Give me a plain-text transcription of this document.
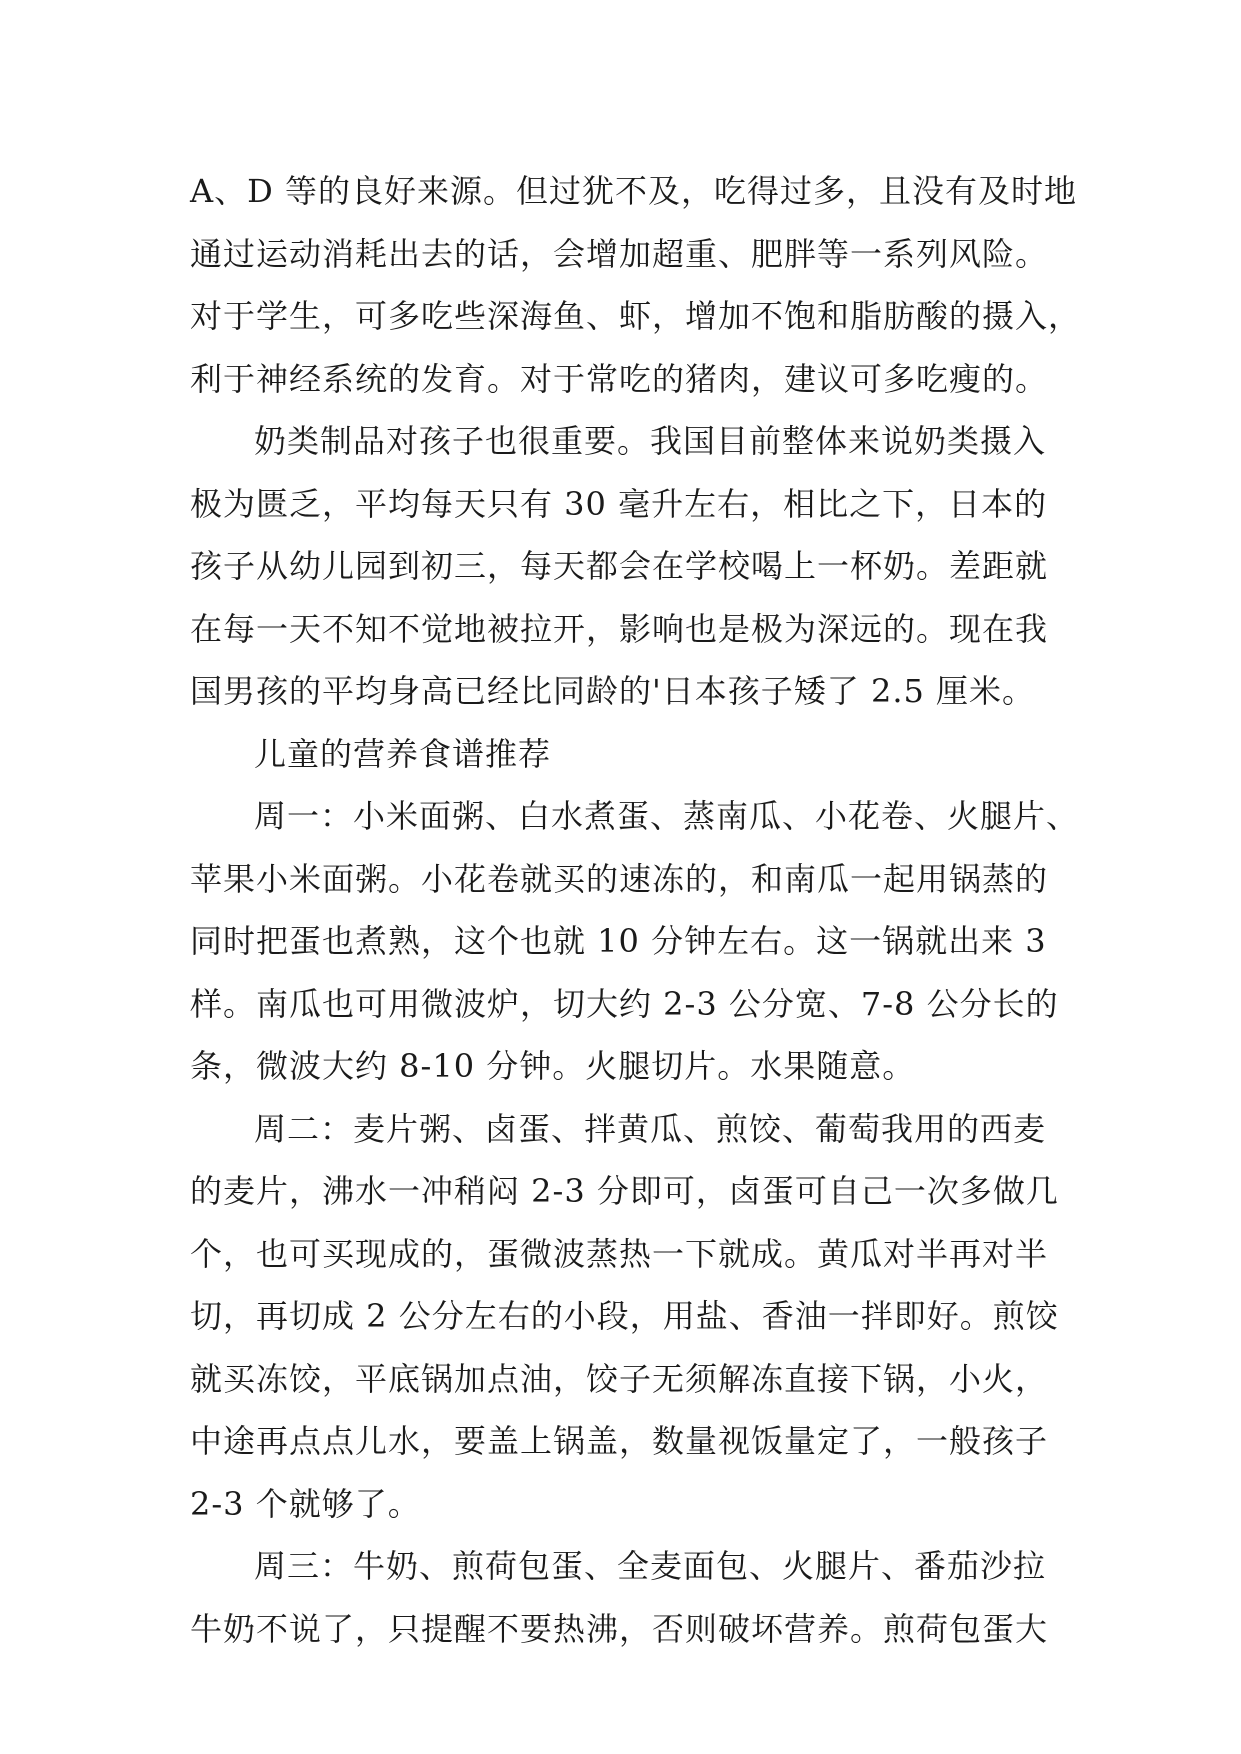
A、D 等的良好来源。但过犹不及，吃得过多，且没有及时地
通过运动消耗出去的话，会增加超重、肥胖等一系列风险。
对于学生，可多吃些深海鱼、虾，增加不饱和脂肪酸的摄入，
利于神经系统的发育。对于常吃的猪肉，建议可多吃瘦的。
奶类制品对孩子也很重要。我国目前整体来说奶类摄入
极为匮乏，平均每天只有 30 毫升左右，相比之下，日本的
孩子从幼儿园到初三，每天都会在学校喝上一杯奶。差距就
在每一天不知不觉地被拉开，影响也是极为深远的。现在我
国男孩的平均身高已经比同龄的'日本孩子矮了 2.5 厘米。
儿童的营养食谱推荐
周一：小米面粥、白水煮蛋、蒸南瓜、小花卷、火腿片、
苹果小米面粥。小花卷就买的速冻的，和南瓜一起用锅蒸的
同时把蛋也煮熟，这个也就 10 分钟左右。这一锅就出来 3
样。南瓜也可用微波炉，切大约 2-3 公分宽、7-8 公分长的
条，微波大约 8-10 分钟。火腿切片。水果随意。
周二：麦片粥、卤蛋、拌黄瓜、煎饺、葡萄我用的西麦
的麦片，沸水一冲稍闷 2-3 分即可，卤蛋可自己一次多做几
个，也可买现成的，蛋微波蒸热一下就成。黄瓜对半再对半
切，再切成 2 公分左右的小段，用盐、香油一拌即好。煎饺
就买冻饺，平底锅加点油，饺子无须解冻直接下锅，小火，
中途再点点儿水，要盖上锅盖，数量视饭量定了，一般孩子
2-3 个就够了。
周三：牛奶、煎荷包蛋、全麦面包、火腿片、番茄沙拉
牛奶不说了，只提醒不要热沸，否则破坏营养。煎荷包蛋大
